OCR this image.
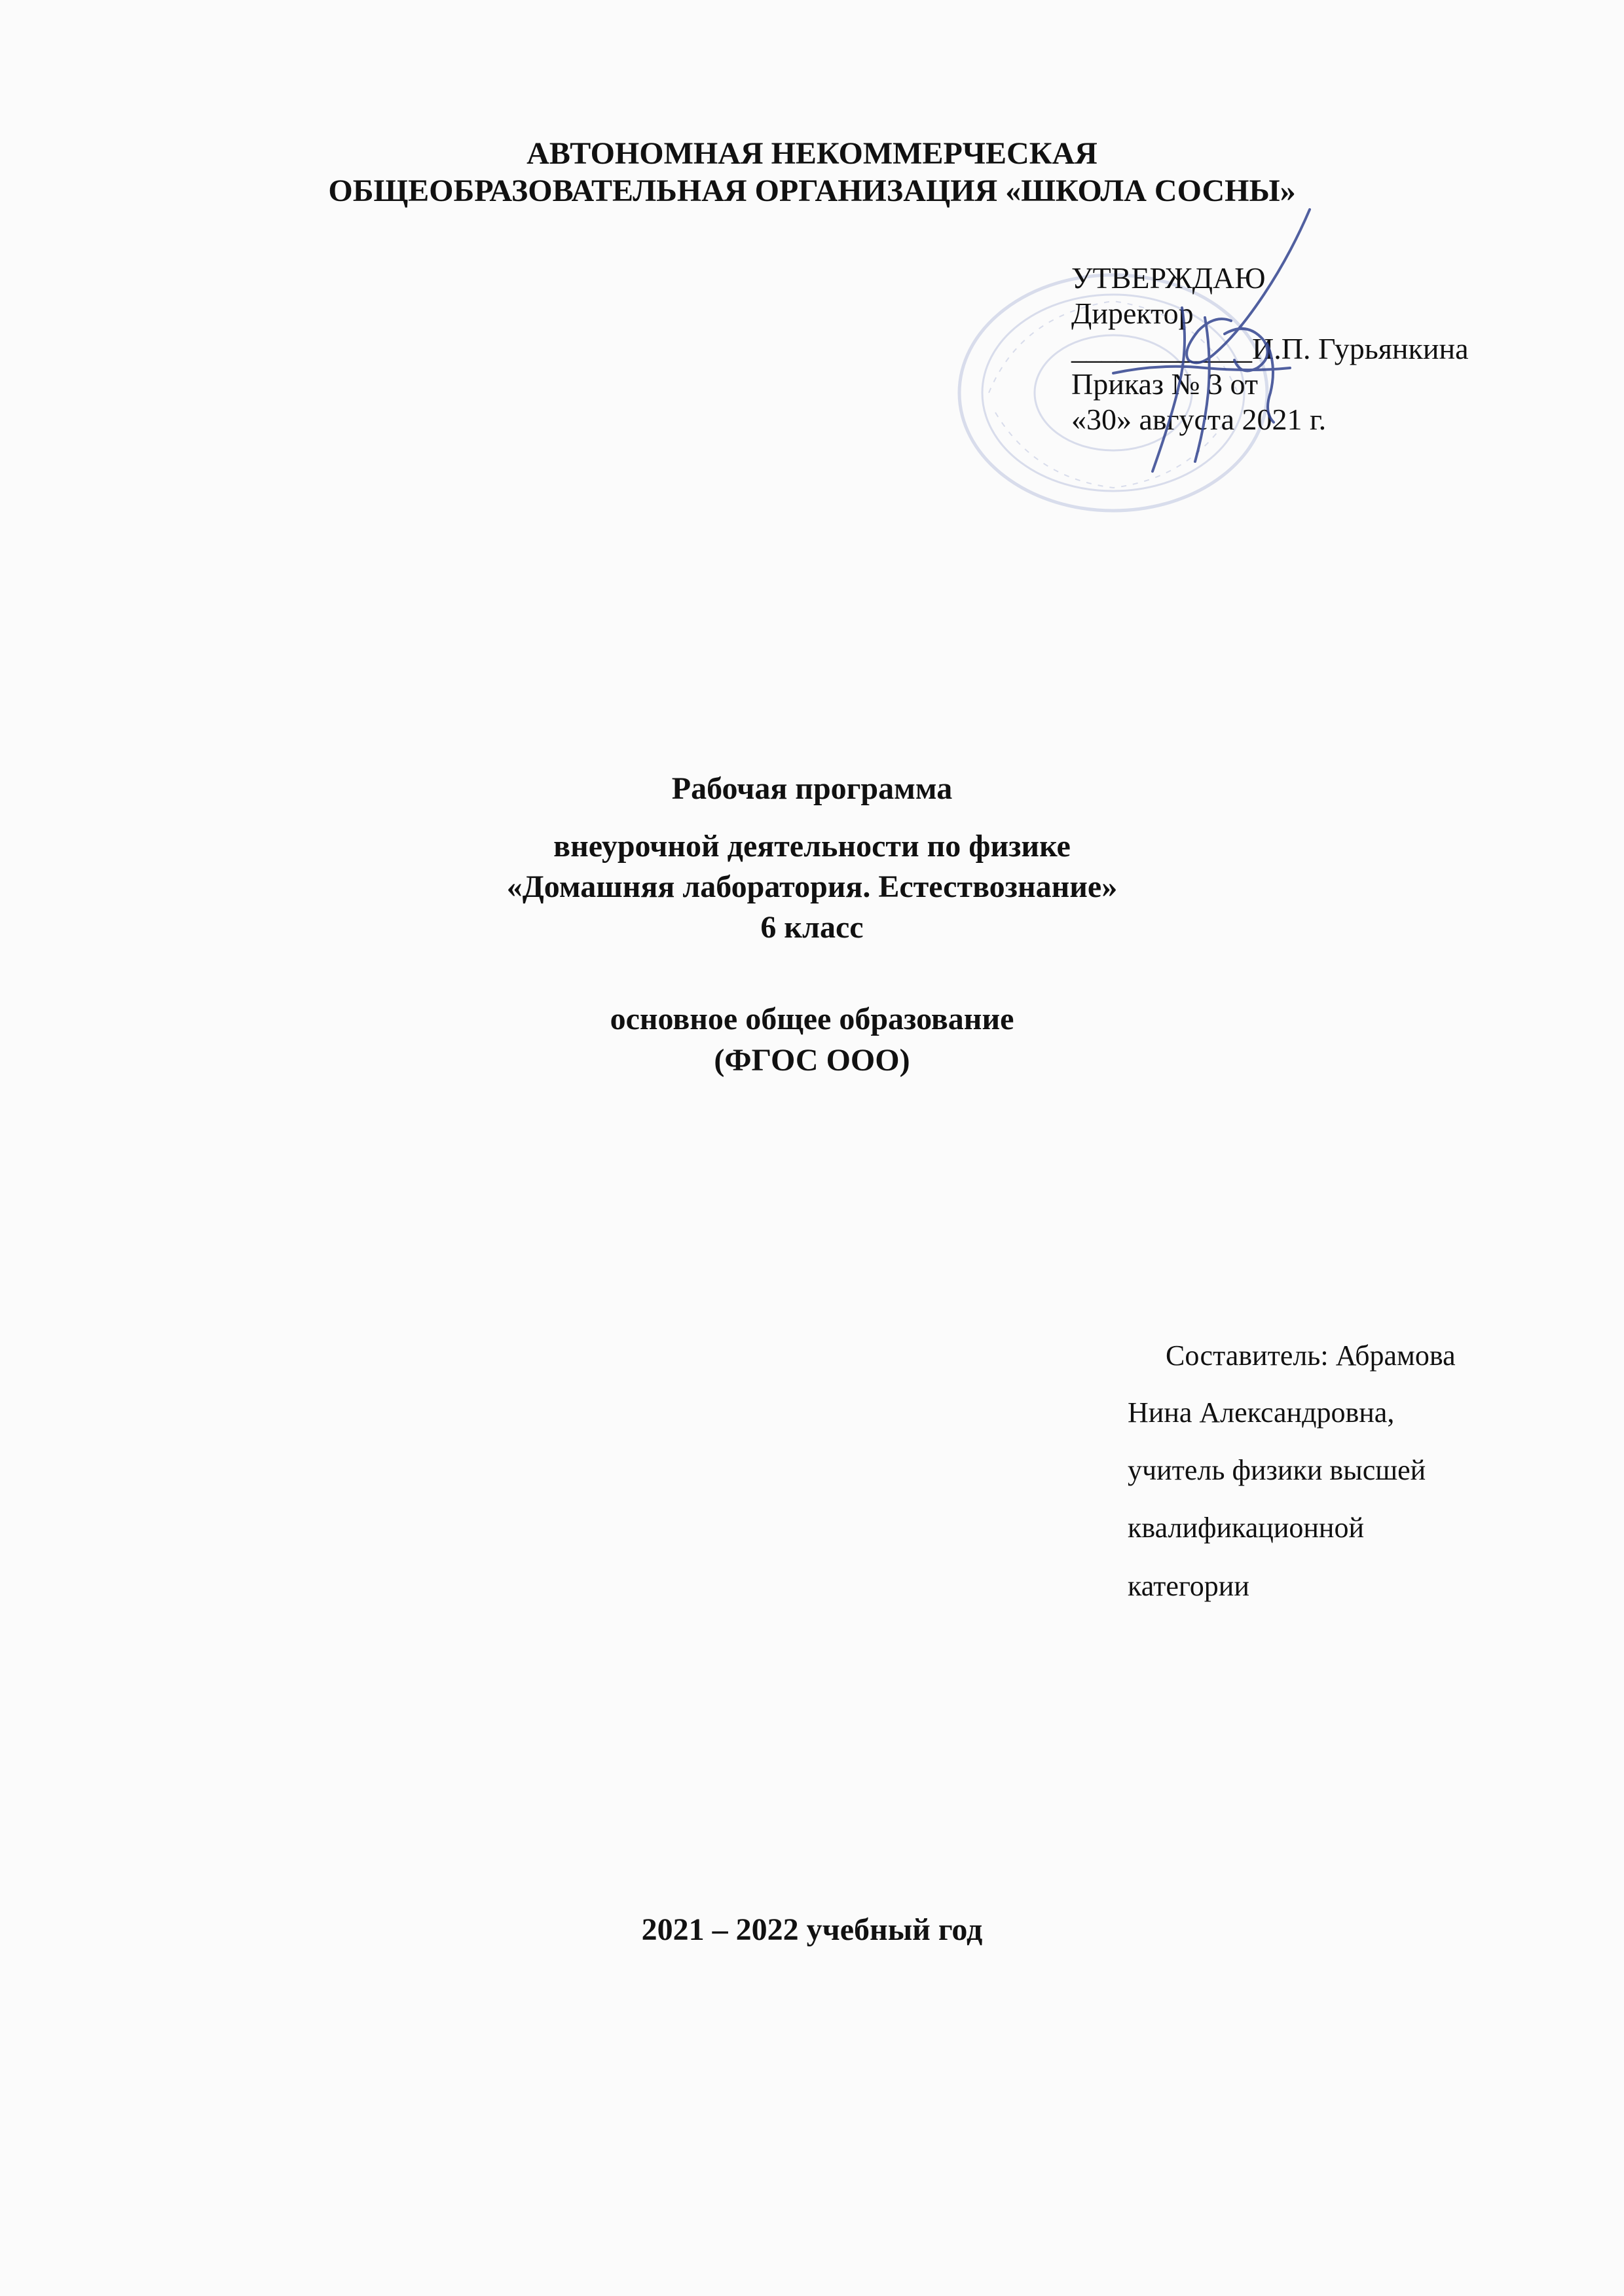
АВТОНОМНАЯ НЕКОММЕРЧЕСКАЯ
ОБЩЕОБРАЗОВАТЕЛЬНАЯ ОРГАНИЗАЦИЯ «ШКОЛА СОСНЫ»
УТВЕРЖДАЮ
Директор
____________И.П. Гурьянкина
Приказ № 3 от
«30» августа 2021 г.
Рабочая программа
внеурочной деятельности по физике
«Домашняя лаборатория. Естествознание»
6 класс
основное общее образование
(ФГОС ООО)
Составитель: Абрамова
Нина Александровна,
учитель физики высшей
квалификационной
категории
2021 – 2022 учебный год
